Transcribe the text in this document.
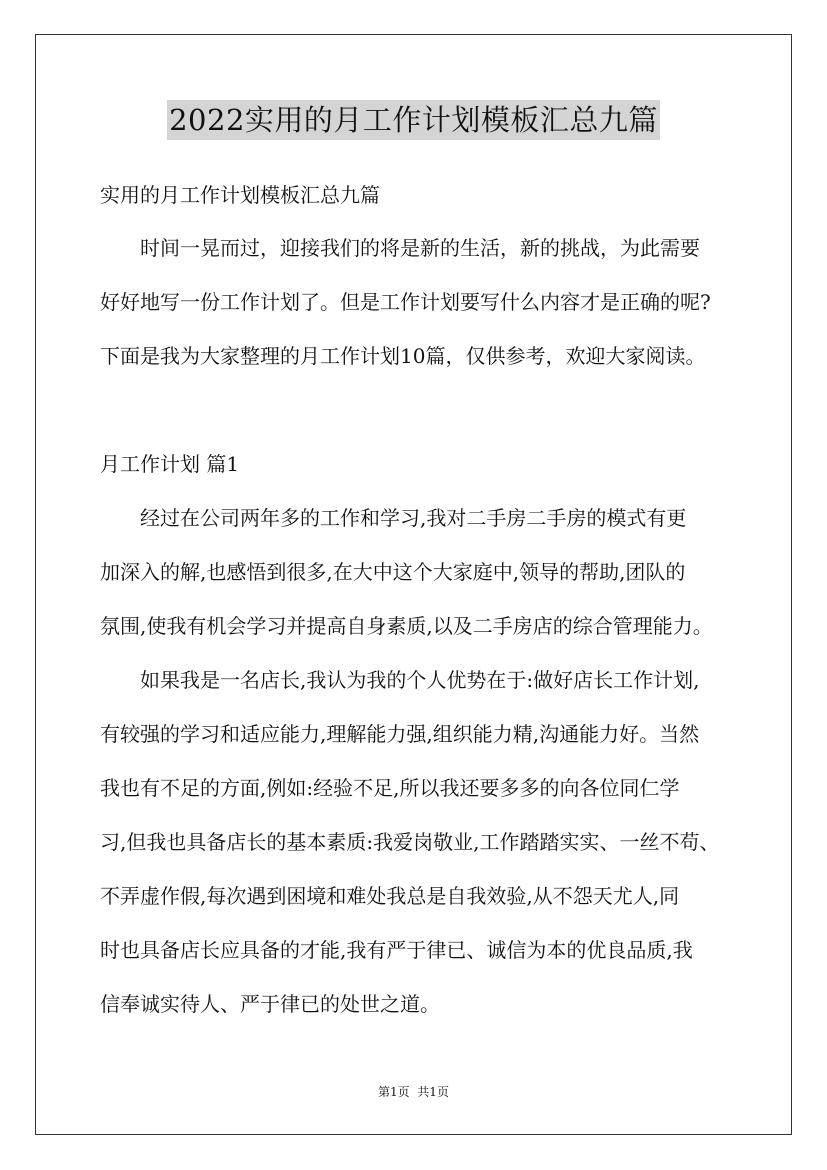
2022实用的月工作计划模板汇总九篇
实用的月工作计划模板汇总九篇
　　时间一晃而过，迎接我们的将是新的生活，新的挑战，为此需要
好好地写一份工作计划了。但是工作计划要写什么内容才是正确的呢?
下面是我为大家整理的月工作计划10篇，仅供参考，欢迎大家阅读。
月工作计划 篇1
　　经过在公司两年多的工作和学习,我对二手房二手房的模式有更
加深入的解,也感悟到很多,在大中这个大家庭中,领导的帮助,团队的
氛围,使我有机会学习并提高自身素质,以及二手房店的综合管理能力。
　　如果我是一名店长,我认为我的个人优势在于:做好店长工作计划,
有较强的学习和适应能力,理解能力强,组织能力精,沟通能力好。当然
我也有不足的方面,例如:经验不足,所以我还要多多的向各位同仁学
习,但我也具备店长的基本素质:我爱岗敬业,工作踏踏实实、一丝不苟、
不弄虚作假,每次遇到困境和难处我总是自我效验,从不怨天尤人,同
时也具备店长应具备的才能,我有严于律已、诚信为本的优良品质,我
信奉诚实待人、严于律已的处世之道。
第1页  共1页
